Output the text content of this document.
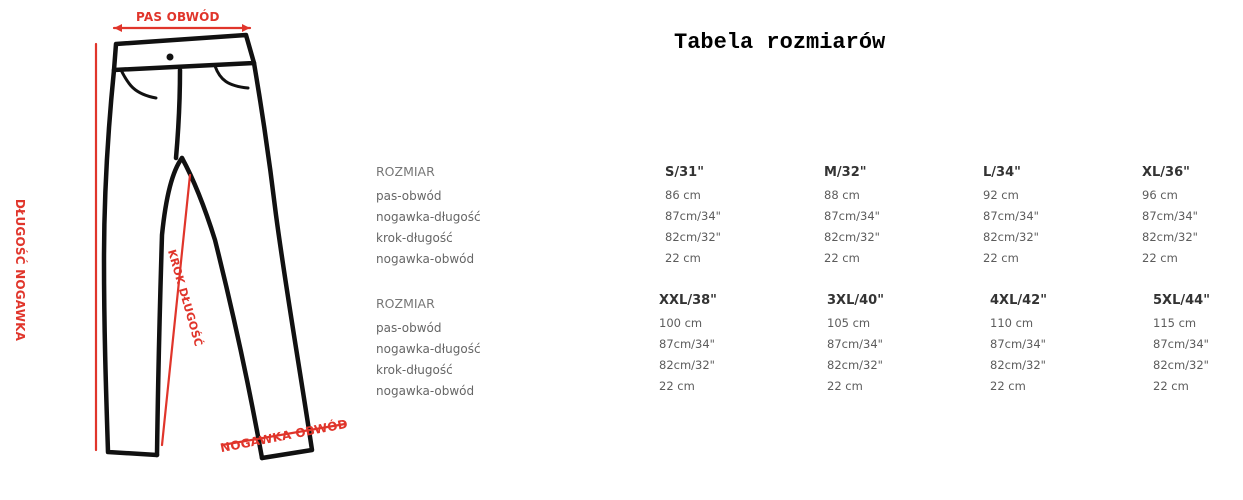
PAS OBWÓD
DŁUGOŚĆ NOGAWKA	KROK DŁUGOŚĆ
NOGAWKA OBWÓD
Tabela rozmiarów
ROZMIAR
pas-obwód
nogawka-długość
krok-długość
nogawka-obwód
S/31"
86 cm
87cm/34"
82cm/32"
22 cm
M/32"
88 cm
87cm/34"
82cm/32"
22 cm
L/34"
92 cm
87cm/34"
82cm/32"
22 cm
XL/36"
96 cm
87cm/34"
82cm/32"
22 cm
ROZMIAR
pas-obwód
nogawka-długość
krok-długość
nogawka-obwód
XXL/38"
100 cm
87cm/34"
82cm/32"
22 cm
3XL/40"
105 cm
87cm/34"
82cm/32"
22 cm
4XL/42"
110 cm
87cm/34"
82cm/32"
22 cm
5XL/44"
115 cm
87cm/34"
82cm/32"
22 cm
